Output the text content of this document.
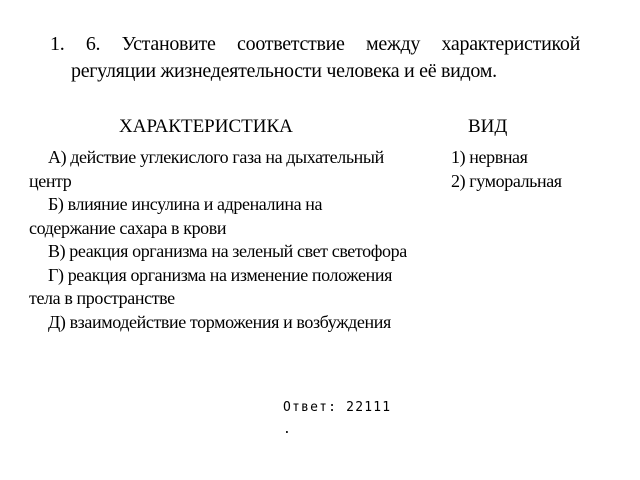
1. 6. Установите соответствие между характеристикой
регуляции жизнедеятельности человека и её видом.
ХАРАКТЕРИСТИКА	ВИД

А) действие углекислого газа на дыхательный центр

Б) влияние инсулина и адреналина на содержание сахара в крови

В) реакция организма на зеленый свет светофора

Г) реакция организма на изменение положения тела в пространстве

Д) взаимодействие торможения и возбуждения

1) нервная

2) гуморальная

Ответ: 22111
.
